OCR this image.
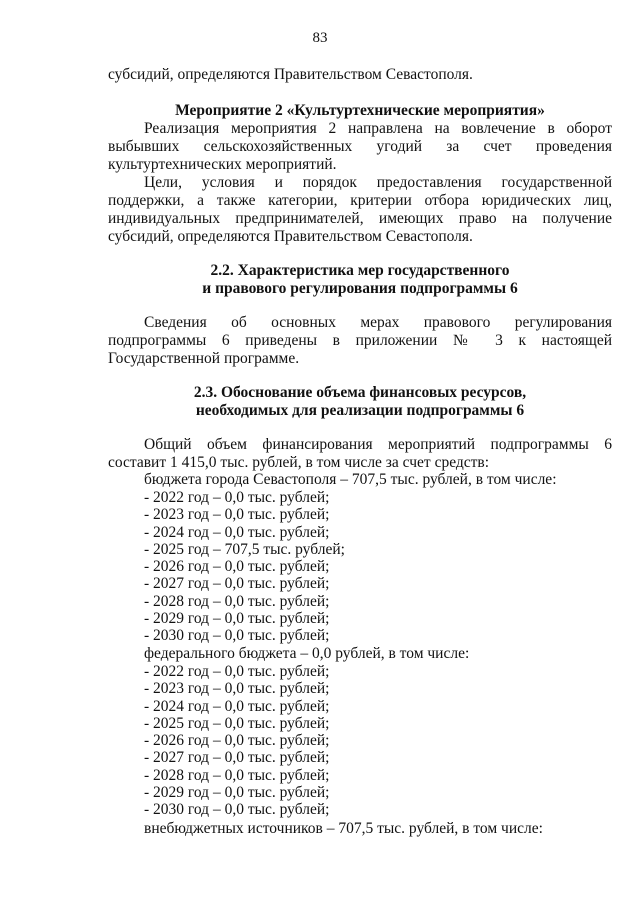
83

субсидий, определяются Правительством Севастополя.

Мероприятие 2 «Культуртехнические мероприятия»

Реализация мероприятия 2 направлена на вовлечение в оборот

выбывших сельскохозяйственных угодий за счет проведения

культуртехнических мероприятий.

Цели, условия и порядок предоставления государственной

поддержки, а также категории, критерии отбора юридических лиц,

индивидуальных предпринимателей, имеющих право на получение

субсидий, определяются Правительством Севастополя.

2.2. Характеристика мер государственного

и правового регулирования подпрограммы 6

Сведения об основных мерах правового регулирования

подпрограммы 6 приведены в приложении № 3 к настоящей

Государственной программе.

2.3. Обоснование объема финансовых ресурсов,

необходимых для реализации подпрограммы 6

Общий объем финансирования мероприятий подпрограммы 6

составит 1 415,0 тыс. рублей, в том числе за счет средств:

бюджета города Севастополя – 707,5 тыс. рублей, в том числе:

- 2022 год – 0,0 тыс. рублей;
- 2023 год – 0,0 тыс. рублей;
- 2024 год – 0,0 тыс. рублей;
- 2025 год – 707,5 тыс. рублей;
- 2026 год – 0,0 тыс. рублей;
- 2027 год – 0,0 тыс. рублей;
- 2028 год – 0,0 тыс. рублей;
- 2029 год – 0,0 тыс. рублей;
- 2030 год – 0,0 тыс. рублей;

федерального бюджета – 0,0 рублей, в том числе:

- 2022 год – 0,0 тыс. рублей;
- 2023 год – 0,0 тыс. рублей;
- 2024 год – 0,0 тыс. рублей;
- 2025 год – 0,0 тыс. рублей;
- 2026 год – 0,0 тыс. рублей;
- 2027 год – 0,0 тыс. рублей;
- 2028 год – 0,0 тыс. рублей;
- 2029 год – 0,0 тыс. рублей;
- 2030 год – 0,0 тыс. рублей;

внебюджетных источников – 707,5 тыс. рублей, в том числе:
